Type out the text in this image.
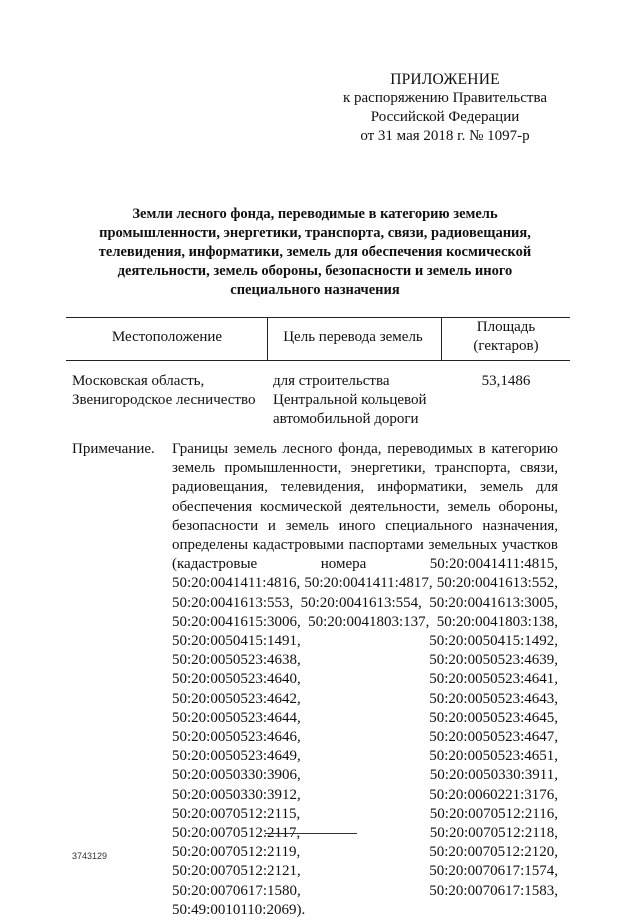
ПРИЛОЖЕНИЕ
к распоряжению Правительства
Российской Федерации
от 31 мая 2018 г. № 1097-р
Земли лесного фонда, переводимые в категорию земель
промышленности, энергетики, транспорта, связи, радиовещания,
телевидения, информатики, земель для обеспечения космической
деятельности, земель обороны, безопасности и земель иного
специального назначения
Местоположение	Цель перевода земель
Площадь
(гектаров)
Московская область,
Звенигородское лесничество
для строительства
Центральной кольцевой
автомобильной дороги
53,1486
Примечание. Границы земель лесного фонда, переводимых в категорию земель промышленности, энергетики, транспорта, связи, радиовещания, телевидения, информатики, земель для обеспечения космической деятельности, земель обороны, безопасности и земель иного специального назначения, определены кадастровыми паспортами земельных участков (кадастровые номера 50:20:0041411:4815, 50:20:0041411:4816, 50:20:0041411:4817, 50:20:0041613:552, 50:20:0041613:553, 50:20:0041613:554, 50:20:0041613:3005, 50:20:0041615:3006, 50:20:0041803:137, 50:20:0041803:138, 50:20:0050415:1491, 50:20:0050415:1492, 50:20:0050523:4638, 50:20:0050523:4639, 50:20:0050523:4640, 50:20:0050523:4641, 50:20:0050523:4642, 50:20:0050523:4643, 50:20:0050523:4644, 50:20:0050523:4645, 50:20:0050523:4646, 50:20:0050523:4647, 50:20:0050523:4649, 50:20:0050523:4651, 50:20:0050330:3906, 50:20:0050330:3911, 50:20:0050330:3912, 50:20:0060221:3176, 50:20:0070512:2115, 50:20:0070512:2116, 50:20:0070512:2117, 50:20:0070512:2118, 50:20:0070512:2119, 50:20:0070512:2120, 50:20:0070512:2121, 50:20:0070617:1574, 50:20:0070617:1580, 50:20:0070617:1583, 50:49:0010110:2069).

3743129
